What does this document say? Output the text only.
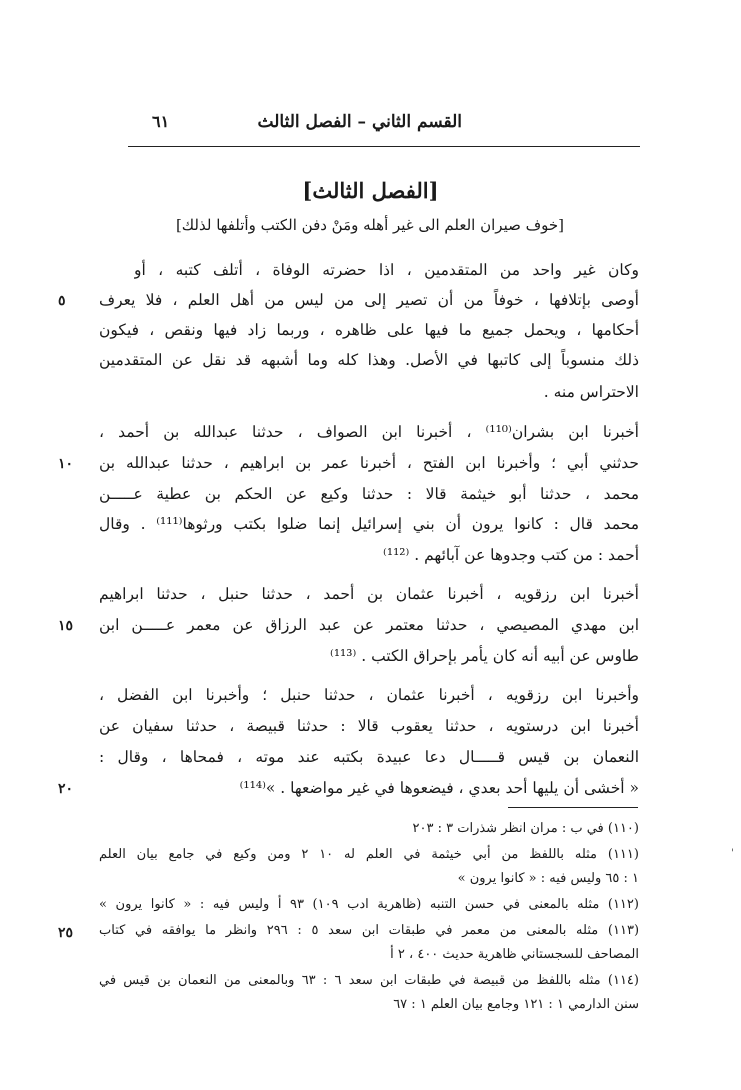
القسم الثاني – الفصل الثالث
٦١
[الفصل الثالث]
[خوف صيران العلم الى غير أهله ومَنْ دفن الكتب وأتلفها لذلك]
وكان غير واحد من المتقدمين ، اذا حضرته الوفاة ، أتلف كتبه ، أو
أوصى بإتلافها ، خوفاً من أن تصير إلى من ليس من أهل العلم ، فلا يعرف
أحكامها ، ويحمل جميع ما فيها على ظاهره ، وربما زاد فيها ونقص ، فيكون
ذلك منسوباً إلى كاتبها في الأصل. وهذا كله وما أشبهه قد نقل عن المتقدمين
الاحتراس منه .
أخبرنا ابن بشران⁽¹¹⁰⁾ ، أخبرنا ابن الصواف ، حدثنا عبدالله بن أحمد ،
حدثني أبي ؛ وأخبرنا ابن الفتح ، أخبرنا عمر بن ابراهيم ، حدثنا عبدالله بن
محمد ، حدثنا أبو خيثمة قالا : حدثنا وكيع عن الحكم بن عطية عـــــن
محمد قال : كانوا يرون أن بني إسرائيل إنما ضلوا بكتب ورثوها⁽¹¹¹⁾ . وقال
أحمد : من كتب وجدوها عن آبائهم . ⁽¹¹²⁾
أخبرنا ابن رزقويه ، أخبرنا عثمان بن أحمد ، حدثنا حنبل ، حدثنا ابراهيم
ابن مهدي المصيصي ، حدثنا معتمر عن عبد الرزاق عن معمر عـــــن ابن
طاوس عن أبيه أنه كان يأمر بإحراق الكتب . ⁽¹¹³⁾
وأخبرنا ابن رزقويه ، أخبرنا عثمان ، حدثنا حنبل ؛ وأخبرنا ابن الفضل ،
أخبرنا ابن درستويه ، حدثنا يعقوب قالا : حدثنا قبيصة ، حدثنا سفيان عن
النعمان بن قيس قـــــال دعا عبيدة بكتبه عند موته ، فمحاها ، وقال :
« أخشى أن يليها أحد بعدي ، فيضعوها في غير مواضعها . »⁽¹¹⁴⁾
٥
١٠
١٥
٢٠
٢٥
(١١٠) في ب : مران انظر شذرات ٣ : ٢٠٣
(١١١) مثله باللفظ من أبي خيثمة في العلم له ١٠ ٢ ومن وكيع في جامع بيان العلم
١ : ٦٥ وليس فيه : « كانوا يرون »
(١١٢) مثله بالمعنى في حسن التنبه (ظاهرية ادب ١٠٩) ٩٣ أ وليس فيه : « كانوا يرون »
(١١٣) مثله بالمعنى من معمر في طبقات ابن سعد ٥ : ٢٩٦ وانظر ما يوافقه في كتاب
المصاحف للسجستاني ظاهرية حديث ٤٠٠ ، ٢ أ
(١١٤) مثله باللفظ من قبيصة في طبقات ابن سعد ٦ : ٦٣ وبالمعنى من النعمان بن قيس في
سنن الدارمي ١ : ١٢١ وجامع بيان العلم ١ : ٦٧
'
